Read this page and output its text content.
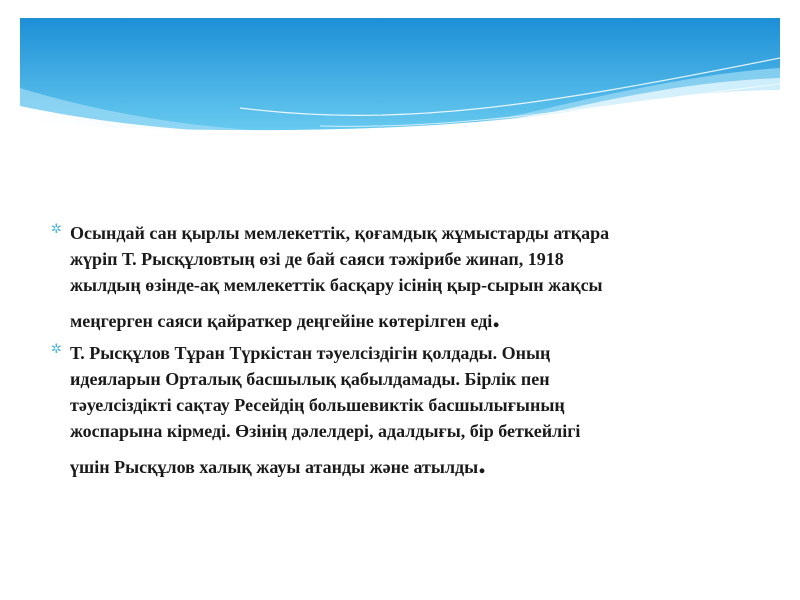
✲ Осындай сан қырлы мемлекеттік, қоғамдық жұмыстарды атқара
жүріп Т. Рысқұловтың өзі де бай саяси тәжірибе жинап, 1918
жылдың өзінде-ақ мемлекеттік басқару ісінің қыр-сырын жақсы

меңгерген саяси қайраткер деңгейіне көтерілген еді.

✲ Т. Рысқұлов Тұран Түркістан тәуелсіздігін қолдады. Оның
идеяларын Орталық басшылық қабылдамады. Бірлік пен
тәуелсіздікті сақтау Ресейдің большевиктік басшылығының
жоспарына кірмеді. Өзінің дәлелдері, адалдығы, бір беткейлігі

үшін Рысқұлов халық жауы атанды және атылды.
